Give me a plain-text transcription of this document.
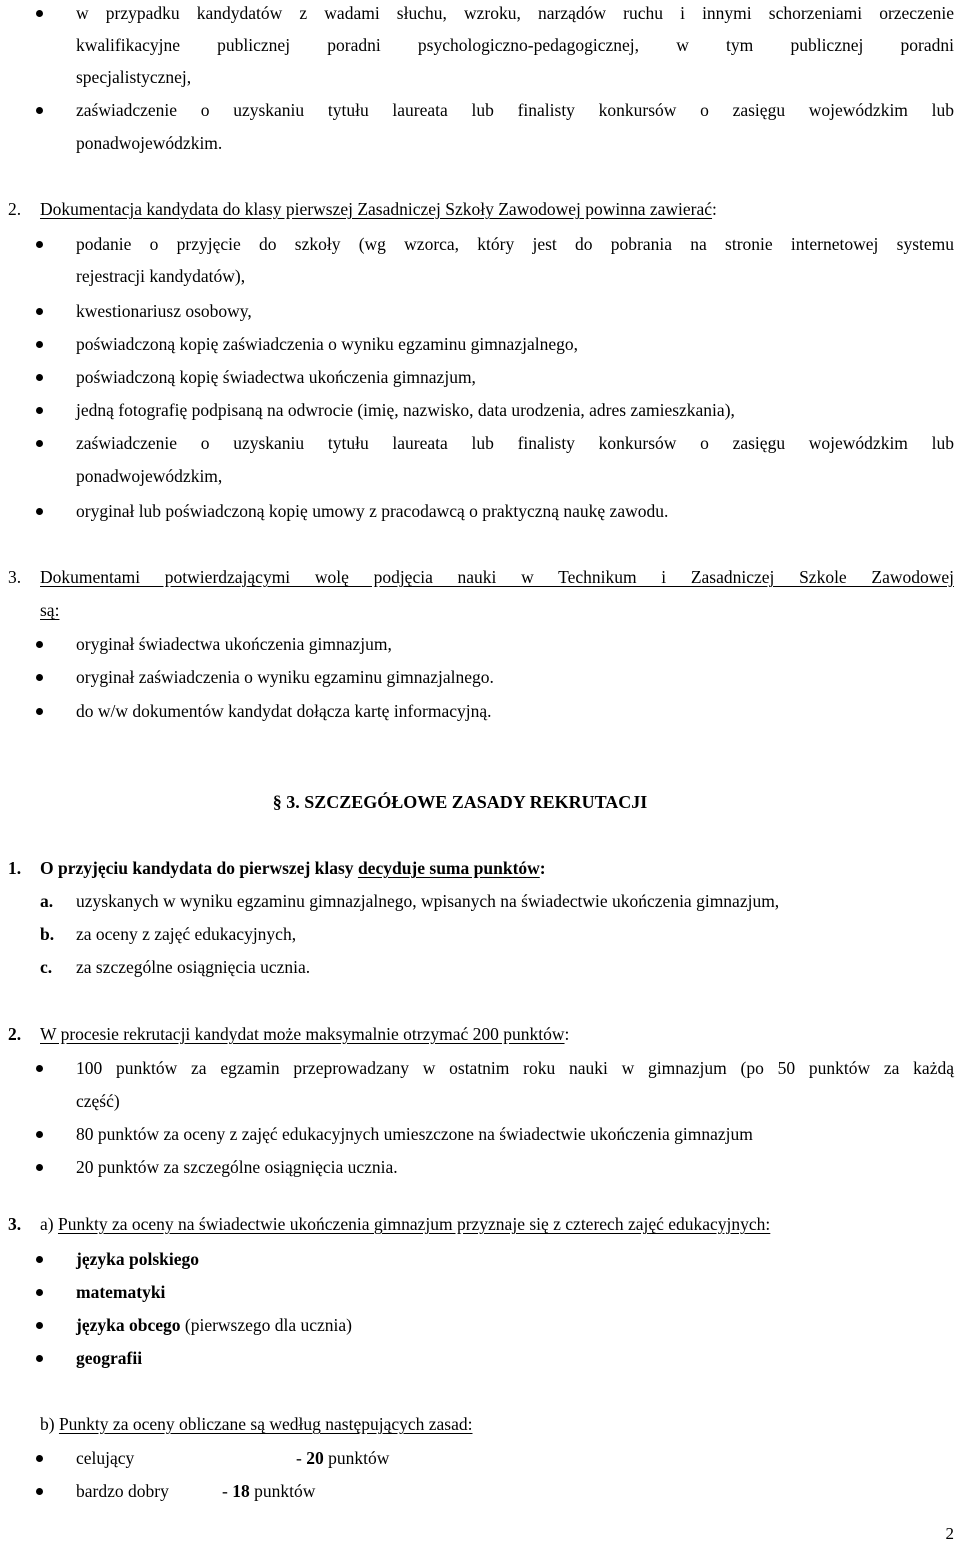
w przypadku kandydatów z wadami słuchu, wzroku, narządów ruchu i innymi schorzeniami orzeczenie
kwalifikacyjne publicznej poradni psychologiczno-pedagogicznej, w tym publicznej poradni
specjalistycznej,
zaświadczenie o uzyskaniu tytułu laureata lub finalisty konkursów o zasięgu wojewódzkim lub
ponadwojewódzkim.
2. Dokumentacja kandydata do klasy pierwszej Zasadniczej Szkoły Zawodowej powinna zawierać:
podanie o przyjęcie do szkoły (wg wzorca, który jest do pobrania na stronie internetowej systemu
rejestracji kandydatów),
kwestionariusz osobowy,
poświadczoną kopię zaświadczenia o wyniku egzaminu gimnazjalnego,
poświadczoną kopię świadectwa ukończenia gimnazjum,
jedną fotografię podpisaną na odwrocie (imię, nazwisko, data urodzenia, adres zamieszkania),
zaświadczenie o uzyskaniu tytułu laureata lub finalisty konkursów o zasięgu wojewódzkim lub
ponadwojewódzkim,
oryginał lub poświadczoną kopię umowy z pracodawcą o praktyczną naukę zawodu.
3. Dokumentami potwierdzającymi wolę podjęcia nauki w Technikum i Zasadniczej Szkole Zawodowej
są:
oryginał świadectwa ukończenia gimnazjum,
oryginał zaświadczenia o wyniku egzaminu gimnazjalnego.
do w/w dokumentów kandydat dołącza kartę informacyjną.
§ 3. SZCZEGÓŁOWE ZASADY REKRUTACJI
1. O przyjęciu kandydata do pierwszej klasy decyduje suma punktów:
a. uzyskanych w wyniku egzaminu gimnazjalnego, wpisanych na świadectwie ukończenia gimnazjum,
b. za oceny z zajęć edukacyjnych,
c. za szczególne osiągnięcia ucznia.
2. W procesie rekrutacji kandydat może maksymalnie otrzymać 200 punktów:
100 punktów za egzamin przeprowadzany w ostatnim roku nauki w gimnazjum (po 50 punktów za każdą
część)
80 punktów za oceny z zajęć edukacyjnych umieszczone na świadectwie ukończenia gimnazjum
20 punktów za szczególne osiągnięcia ucznia.
3. a) Punkty za oceny na świadectwie ukończenia gimnazjum przyznaje się z czterech zajęć edukacyjnych:
języka polskiego
matematyki
języka obcego (pierwszego dla ucznia)
geografii
b) Punkty za oceny obliczane są według następujących zasad:
celujący	- 20 punktów
bardzo dobry	- 18 punktów
2
